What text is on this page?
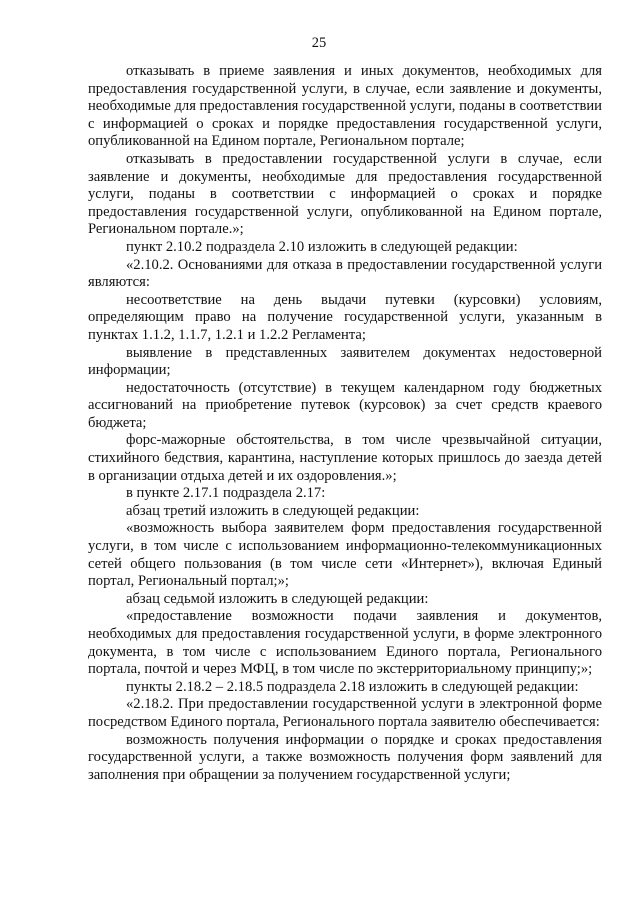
25

отказывать в приеме заявления и иных документов, необходимых для предоставления государственной услуги, в случае, если заявление и документы, необходимые для предоставления государственной услуги, поданы в соответствии с информацией о сроках и порядке предоставления государственной услуги, опубликованной на Едином портале, Региональном портале;

отказывать в предоставлении государственной услуги в случае, если заявление и документы, необходимые для предоставления государственной услуги, поданы в соответствии с информацией о сроках и порядке предоставления государственной услуги, опубликованной на Едином портале, Региональном портале.»;

пункт 2.10.2 подраздела 2.10 изложить в следующей редакции:

«2.10.2. Основаниями для отказа в предоставлении государственной услуги являются:

несоответствие на день выдачи путевки (курсовки) условиям, определяющим право на получение государственной услуги, указанным в пунктах 1.1.2, 1.1.7, 1.2.1 и 1.2.2 Регламента;

выявление в представленных заявителем документах недостоверной информации;

недостаточность (отсутствие) в текущем календарном году бюджетных ассигнований на приобретение путевок (курсовок) за счет средств краевого бюджета;

форс-мажорные обстоятельства, в том числе чрезвычайной ситуации, стихийного бедствия, карантина, наступление которых пришлось до заезда детей в организации отдыха детей и их оздоровления.»;

в пункте 2.17.1 подраздела 2.17:

абзац третий изложить в следующей редакции:

«возможность выбора заявителем форм предоставления государственной услуги, в том числе с использованием информационно-телекоммуникационных сетей общего пользования (в том числе сети «Интернет»), включая Единый портал, Региональный портал;»;

абзац седьмой изложить в следующей редакции:

«предоставление возможности подачи заявления и документов, необходимых для предоставления государственной услуги, в форме электронного документа, в том числе с использованием Единого портала, Регионального портала, почтой и через МФЦ, в том числе по экстерриториальному принципу;»;

пункты 2.18.2 – 2.18.5 подраздела 2.18 изложить в следующей редакции:

«2.18.2. При предоставлении государственной услуги в электронной форме посредством Единого портала, Регионального портала заявителю обеспечивается:

возможность получения информации о порядке и сроках предоставления государственной услуги, а также возможность получения форм заявлений для заполнения при обращении за получением государственной услуги;
